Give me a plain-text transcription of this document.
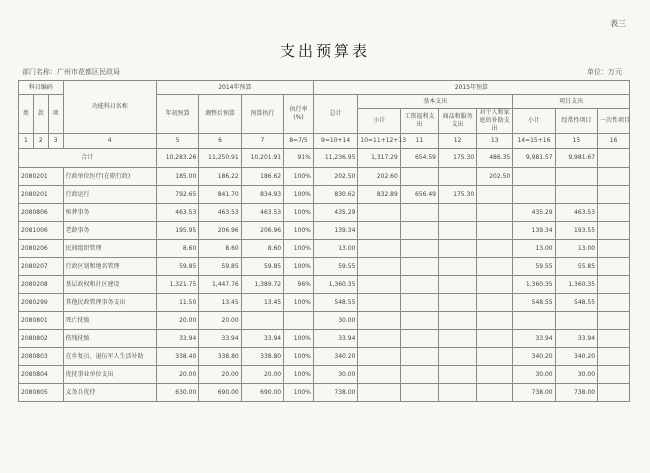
表三
支出预算表
部门名称：广州市花都区民政局	单位：万元
科目编码			功能科目名称	2014年预算				2015年预算							
类	款	项		年初预算	调整后预算	预算执行	执行率(%)	总计	基本支出				项目支出		
									小计	工资福利支出	商品和服务支出	对个人和家庭的补助支出	小计	经常性项目	一次性项目
1	2	3	4	5	6	7	8=7/5	9=10+14	10=11+12+13	11	12	13	14=15+16	15	16
合计				10,283.26	11,250.91	10,201.91	91%	11,236.95	1,317.29	654.59	175.30	486.35	9,981.57	9,981.67	
2080201			行政单位医疗(在职行政)	185.00	186.22	186.62	100%	202.50	202.60			202.50			
2080201			行政运行	792.65	841.70	834.93	100%	830.62	832.89	656.49	175.30				
2080806			殡葬事务	463.53	463.53	463.53	100%	435.29					435.29	463.53	
2081006			老龄事务	195.95	206.96	206.96	100%	139.34					139.34	193.55	
2080206			民间组织管理	8.60	8.60	8.60	100%	13.00					13.00	13.00	
2080207			行政区划和地名管理	59.85	59.85	59.85	100%	59.55					59.55	55.85	
2080208			基层政权和社区建设	1,321.75	1,447.76	1,389.72	96%	1,360.35					1,360.35	1,360.35	
2080299			其他民政管理事务支出	11.50	13.45	13.45	100%	548.55					548.55	548.55	
2080801			死亡抚恤	20.00	20.00			30.00							
2080802			伤残抚恤	33.94	33.94	33.94	100%	33.94					33.94	33.94	
2080803			在乡复员、退伍军人生活补助	338.40	338.80	338.80	100%	340.20					340.20	340.20	
2080804			优抚事业单位支出	20.00	20.00	20.00	100%	30.00					30.00	30.00	
2080805			义务兵优待	630.00	690.00	690.00	100%	738.00					738.00	738.00	
